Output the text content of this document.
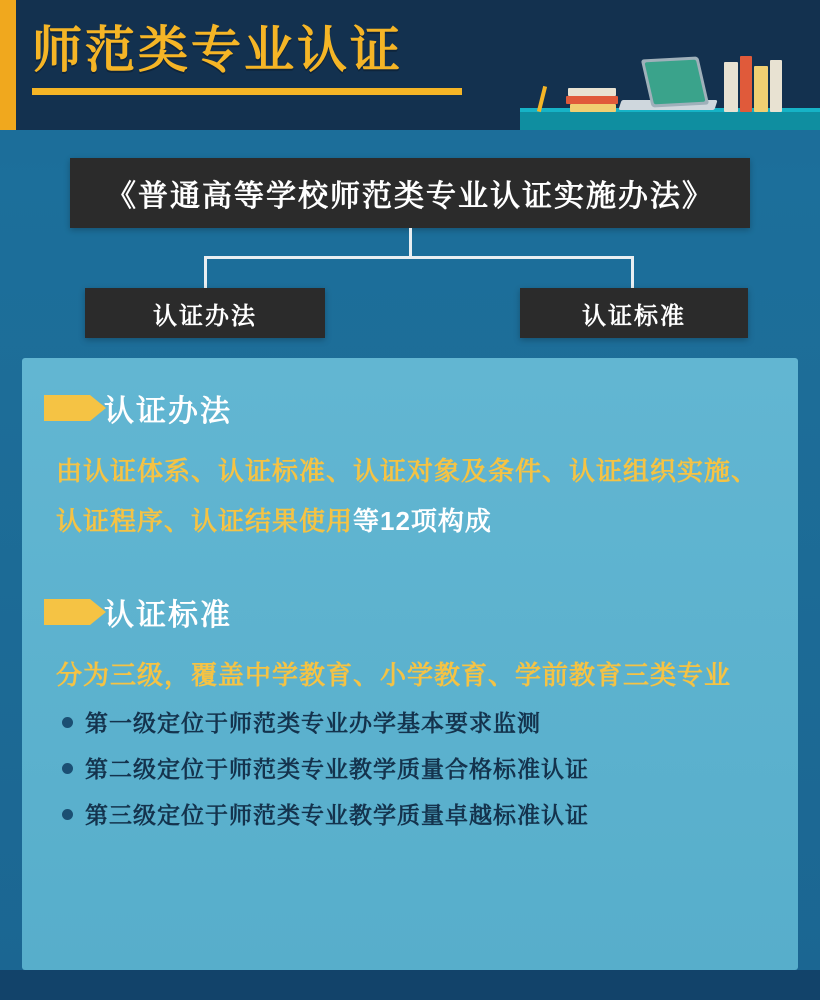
师范类专业认证
《普通高等学校师范类专业认证实施办法》
认证办法	认证标准
认证办法
由认证体系、认证标准、认证对象及条件、认证组织实施、认证程序、认证结果使用等12项构成
认证标准
分为三级，覆盖中学教育、小学教育、学前教育三类专业
第一级定位于师范类专业办学基本要求监测
第二级定位于师范类专业教学质量合格标准认证
第三级定位于师范类专业教学质量卓越标准认证
